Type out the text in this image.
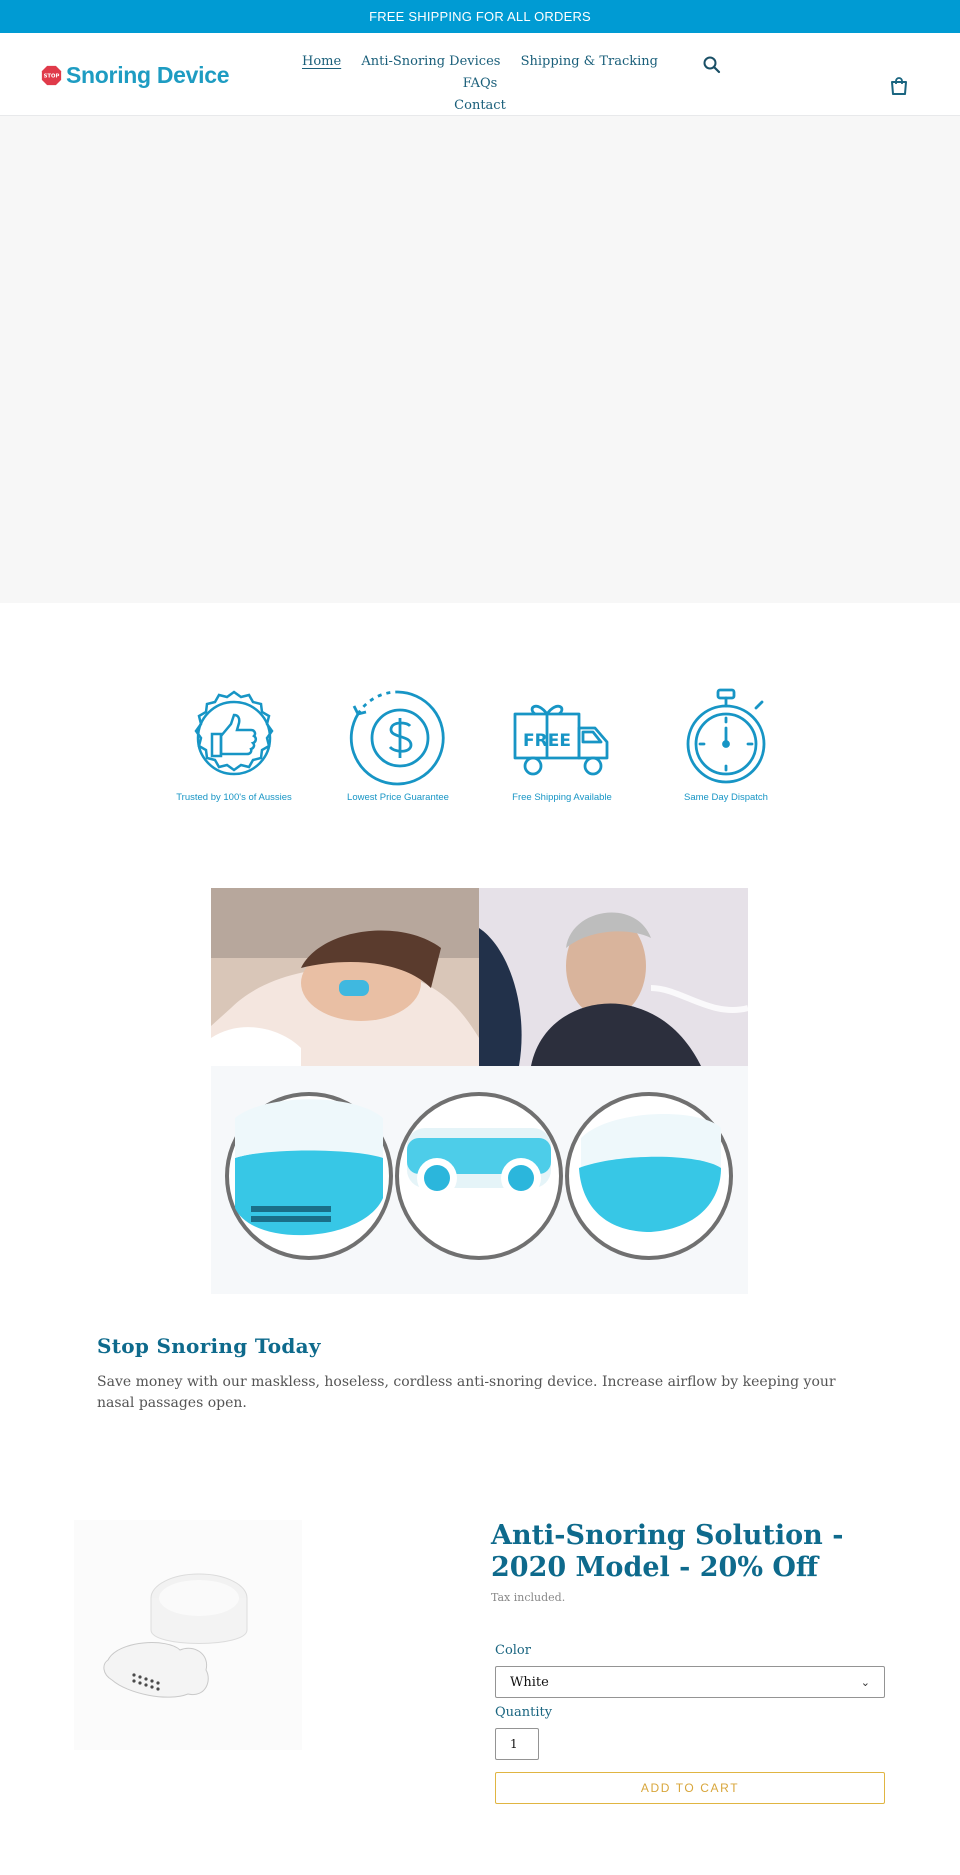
FREE SHIPPING FOR ALL ORDERS
STOP Snoring Device
Home Anti-Snoring Devices Shipping & Tracking FAQs
Contact
Trusted by 100's of Aussies	Lowest Price Guarantee
FREE
Free Shipping Available	Same Day Dispatch
Stop Snoring Today

Save money with our maskless, hoseless, cordless anti-snoring device. Increase airflow by keeping your nasal passages open.

Anti-Snoring Solution - 2020 Model - 20% Off
Tax included.
Color
White	⌄
Quantity
1
ADD TO CART
